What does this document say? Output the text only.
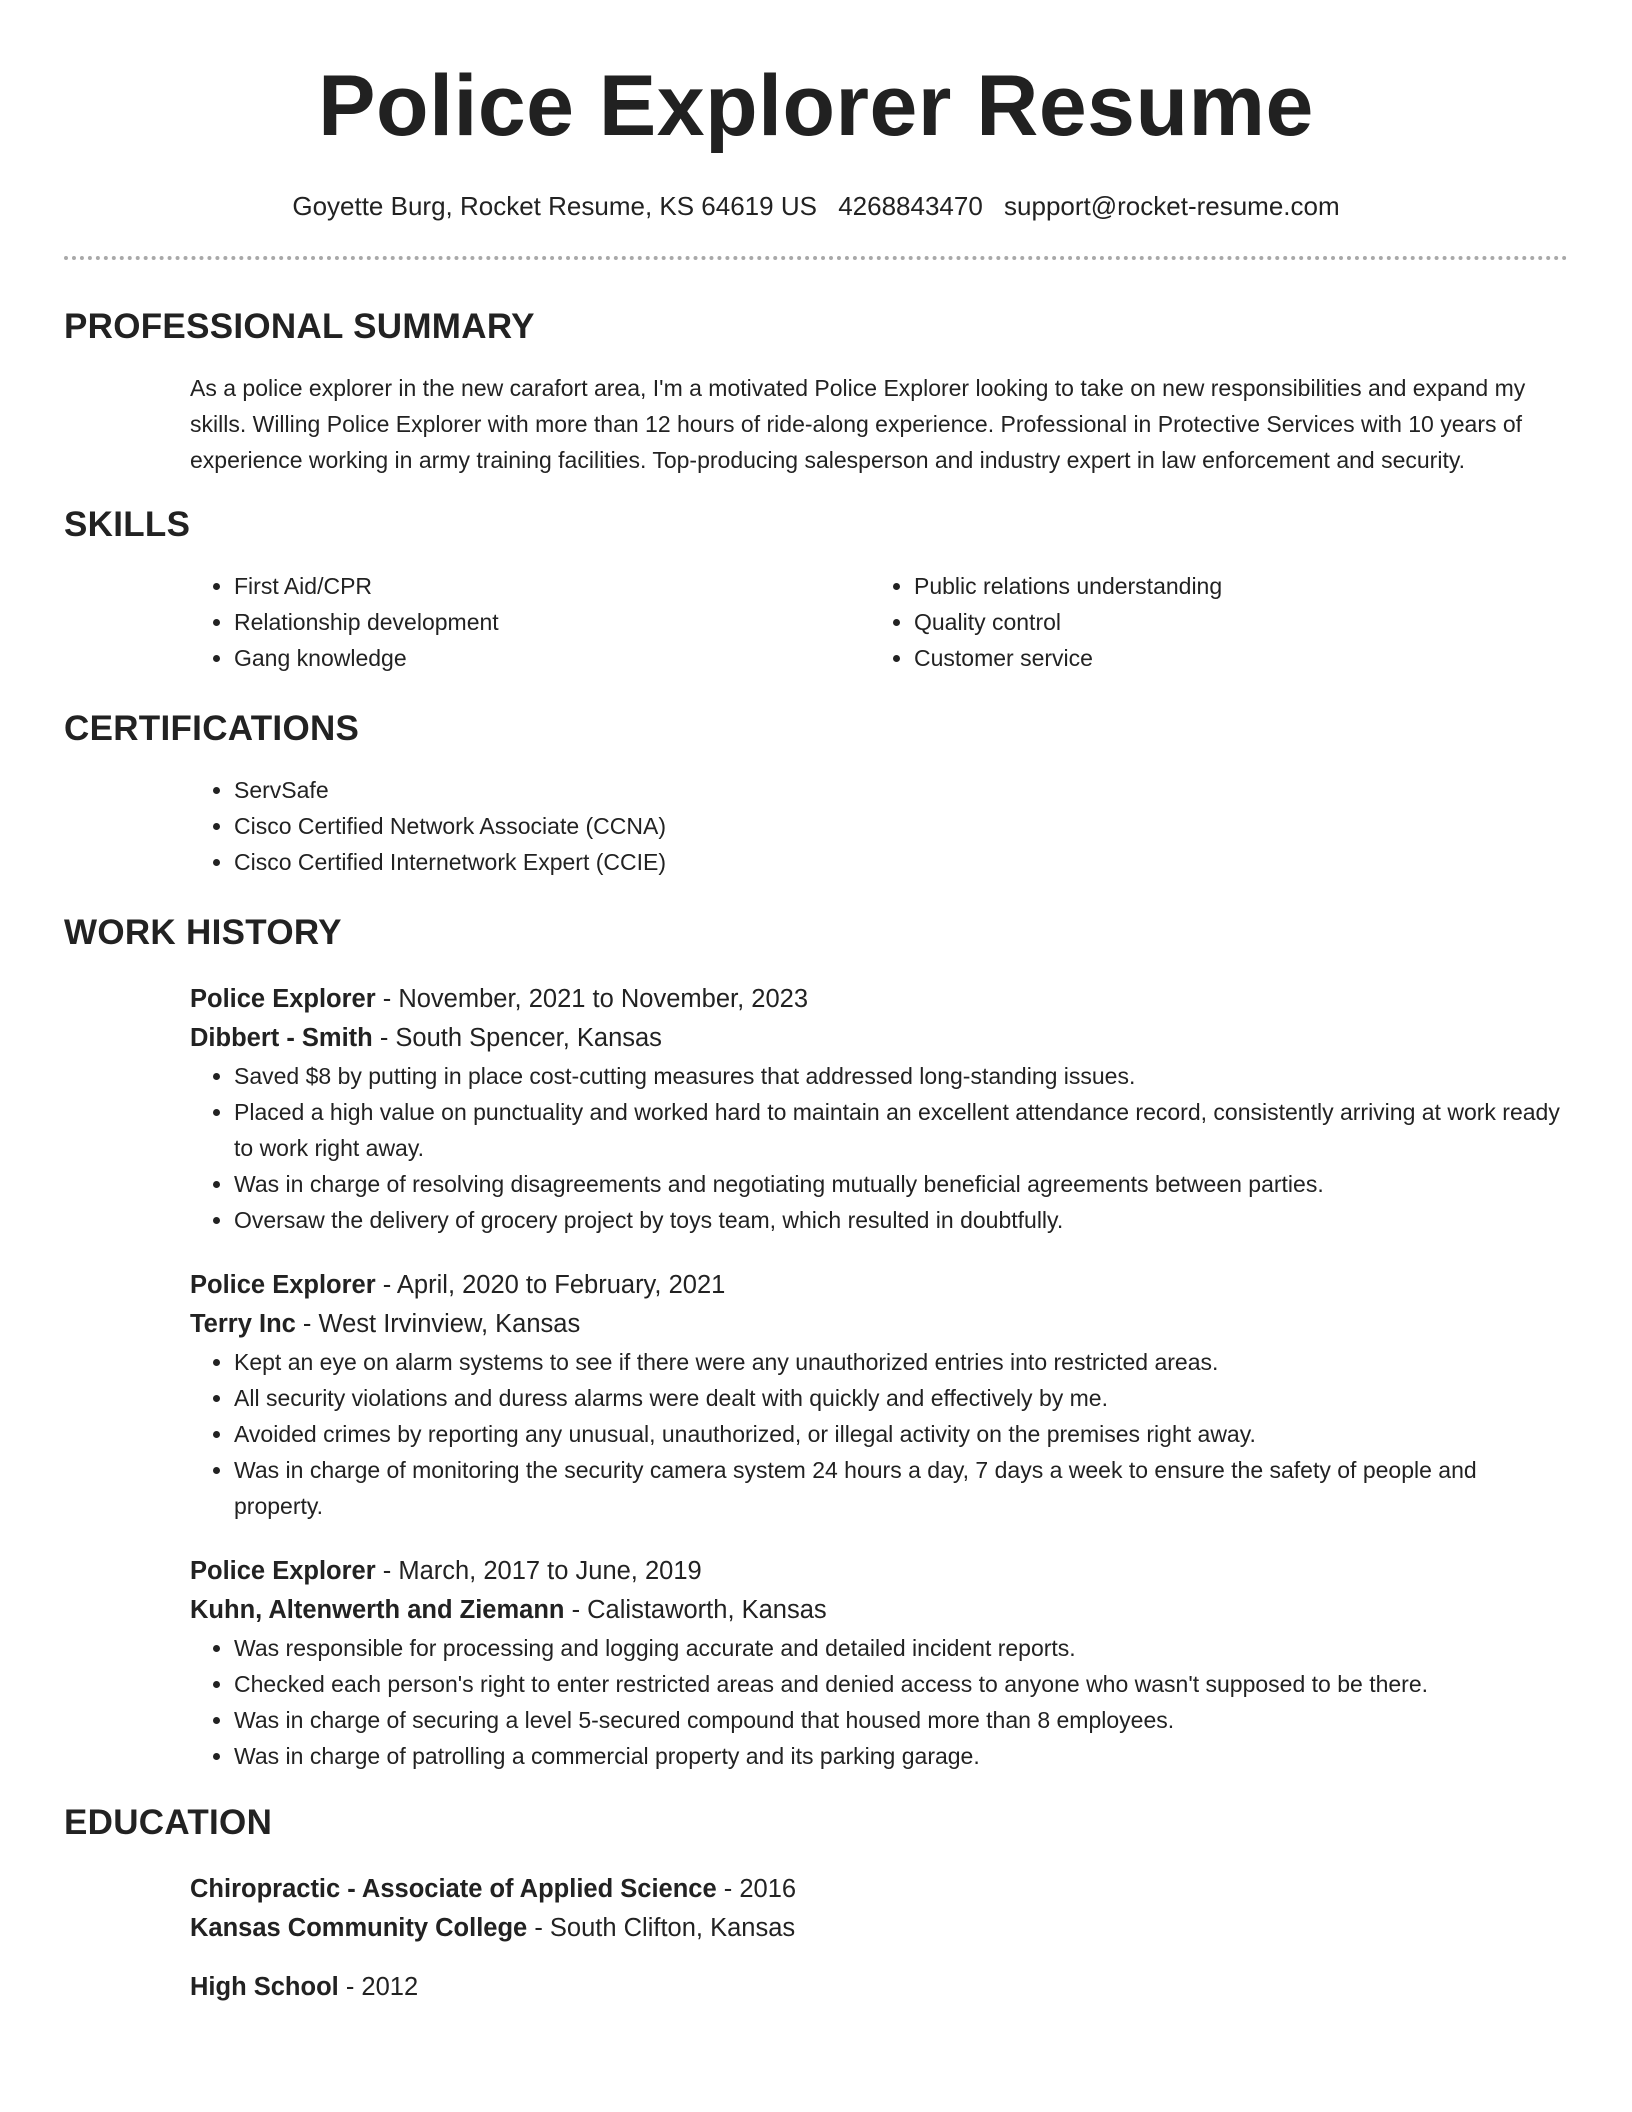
Police Explorer Resume
Goyette Burg, Rocket Resume, KS 64619 US 4268843470 support@rocket-resume.com
PROFESSIONAL SUMMARY
As a police explorer in the new carafort area, I'm a motivated Police Explorer looking to take on new responsibilities and expand my skills. Willing Police Explorer with more than 12 hours of ride-along experience. Professional in Protective Services with 10 years of experience working in army training facilities. Top-producing salesperson and industry expert in law enforcement and security.
SKILLS
• First Aid/CPR
• Relationship development
• Gang knowledge
• Public relations understanding
• Quality control
• Customer service
CERTIFICATIONS
• ServSafe
• Cisco Certified Network Associate (CCNA)
• Cisco Certified Internetwork Expert (CCIE)
WORK HISTORY
Police Explorer - November, 2021 to November, 2023
Dibbert - Smith - South Spencer, Kansas
• Saved $8 by putting in place cost-cutting measures that addressed long-standing issues.
• Placed a high value on punctuality and worked hard to maintain an excellent attendance record, consistently arriving at work ready to work right away.
• Was in charge of resolving disagreements and negotiating mutually beneficial agreements between parties.
• Oversaw the delivery of grocery project by toys team, which resulted in doubtfully.
Police Explorer - April, 2020 to February, 2021
Terry Inc - West Irvinview, Kansas
• Kept an eye on alarm systems to see if there were any unauthorized entries into restricted areas.
• All security violations and duress alarms were dealt with quickly and effectively by me.
• Avoided crimes by reporting any unusual, unauthorized, or illegal activity on the premises right away.
• Was in charge of monitoring the security camera system 24 hours a day, 7 days a week to ensure the safety of people and property.
Police Explorer - March, 2017 to June, 2019
Kuhn, Altenwerth and Ziemann - Calistaworth, Kansas
• Was responsible for processing and logging accurate and detailed incident reports.
• Checked each person's right to enter restricted areas and denied access to anyone who wasn't supposed to be there.
• Was in charge of securing a level 5-secured compound that housed more than 8 employees.
• Was in charge of patrolling a commercial property and its parking garage.
EDUCATION
Chiropractic - Associate of Applied Science - 2016
Kansas Community College - South Clifton, Kansas
High School - 2012
